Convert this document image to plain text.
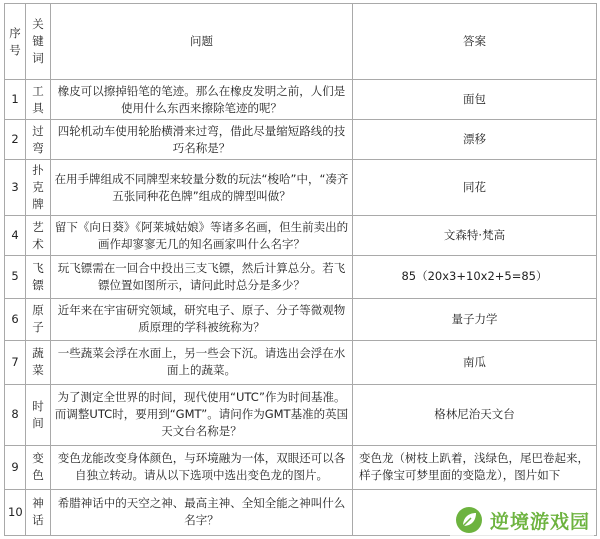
序号	关键词	问题	答案
1	工具	橡皮可以擦掉铅笔的笔迹。那么在橡皮发明之前，人们是使用什么东西来擦除笔迹的呢？	面包
2	过弯	四轮机动车使用轮胎横滑来过弯，借此尽量缩短路线的技巧名称是？	漂移
3	扑克牌	在用手牌组成不同牌型来较量分数的玩法“梭哈”中，“凑齐五张同种花色牌”组成的牌型叫做？	同花
4	艺术	留下《向日葵》《阿莱城姑娘》等诸多名画，但生前卖出的画作却寥寥无几的知名画家叫什么名字？	文森特·梵高
5	飞镖	玩飞镖需在一回合中投出三支飞镖，然后计算总分。若飞镖位置如图所示，请问此时总分是多少？	85（20x3+10x2+5=85）
6	原子	近年来在宇宙研究领域，研究电子、原子、分子等微观物质原理的学科被统称为？	量子力学
7	蔬菜	一些蔬菜会浮在水面上，另一些会下沉。请选出会浮在水面上的蔬菜。	南瓜
8	时间	为了测定全世界的时间，现代使用“UTC”作为时间基准。而调整UTC时，要用到“GMT”。请问作为GMT基准的英国天文台名称是？	格林尼治天文台
9	变色	变色龙能改变身体颜色，与环境融为一体，双眼还可以各自独立转动。请从以下选项中选出变色龙的图片。	变色龙（树枝上趴着，浅绿色，尾巴卷起来，样子像宝可梦里面的变隐龙），图片如下
10	神话	希腊神话中的天空之神、最高主神、全知全能之神叫什么名字？		逆境游戏园
